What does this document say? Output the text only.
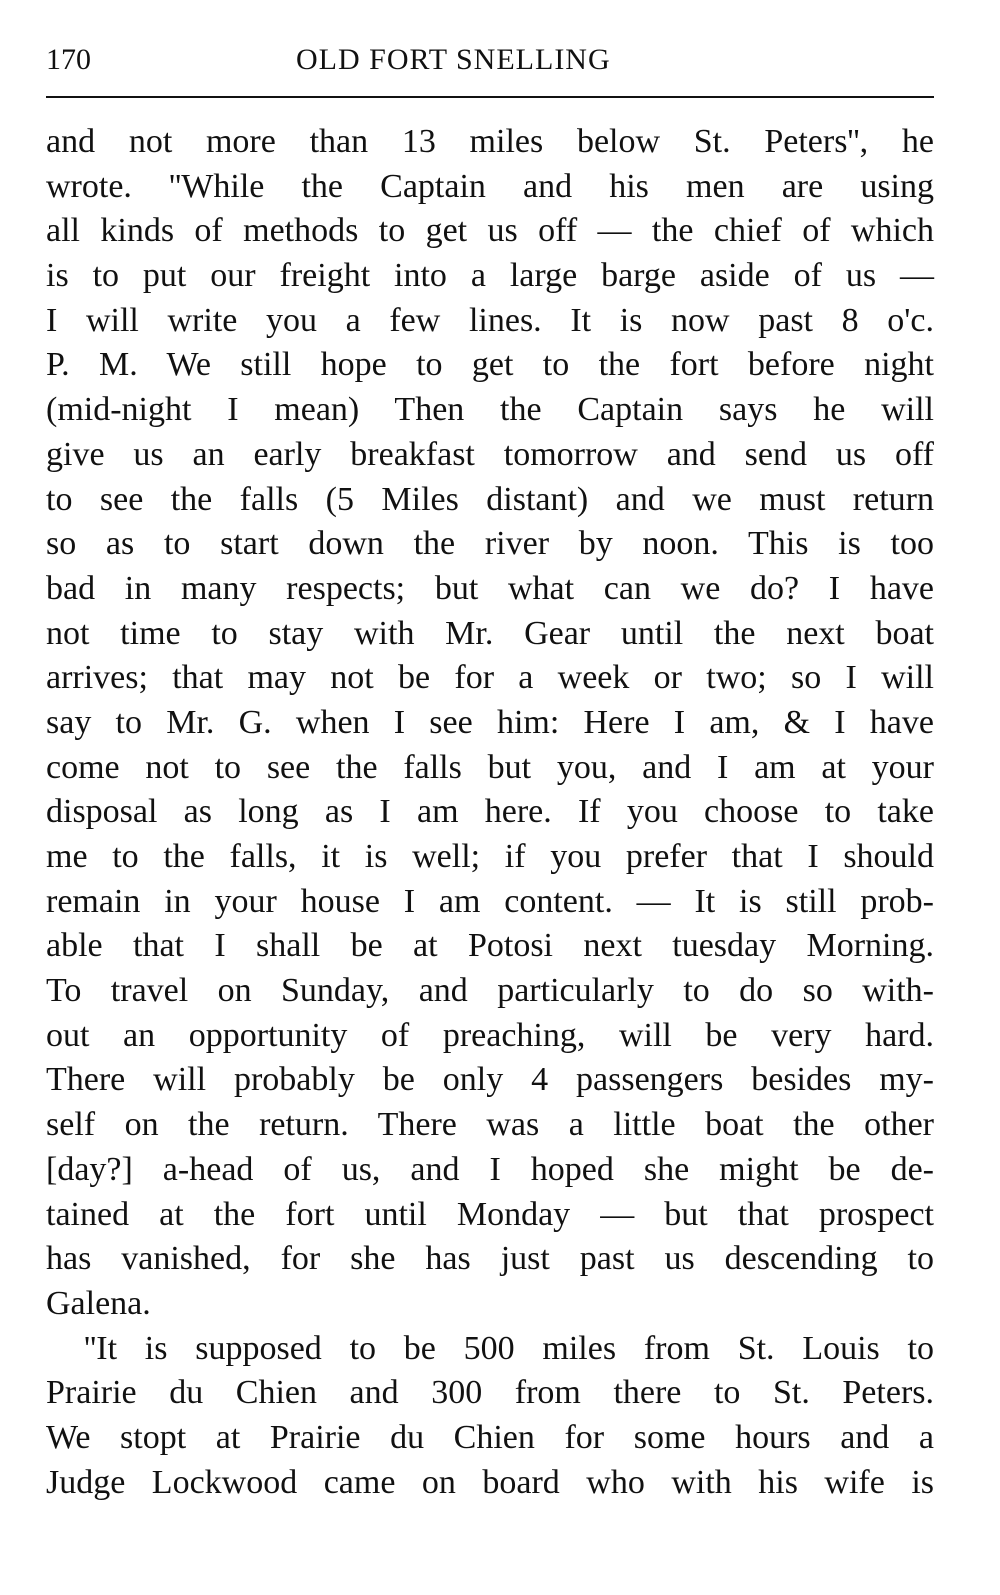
170	OLD FORT SNELLING
and not more than 13 miles below St. Peters'', he
wrote. ''While the Captain and his men are using
all kinds of methods to get us off — the chief of which
is to put our freight into a large barge aside of us —
I will write you a few lines. It is now past 8 o'c.
P. M. We still hope to get to the fort before night
(mid-night I mean) Then the Captain says he will
give us an early breakfast tomorrow and send us off
to see the falls (5 Miles distant) and we must return
so as to start down the river by noon. This is too
bad in many respects; but what can we do? I have
not time to stay with Mr. Gear until the next boat
arrives; that may not be for a week or two; so I will
say to Mr. G. when I see him: Here I am, & I have
come not to see the falls but you, and I am at your
disposal as long as I am here. If you choose to take
me to the falls, it is well; if you prefer that I should
remain in your house I am content. — It is still prob-
able that I shall be at Potosi next tuesday Morning.
To travel on Sunday, and particularly to do so with-
out an opportunity of preaching, will be very hard.
There will probably be only 4 passengers besides my-
self on the return. There was a little boat the other
[day?] a-head of us, and I hoped she might be de-
tained at the fort until Monday — but that prospect
has vanished, for she has just past us descending to
Galena.
''It is supposed to be 500 miles from St. Louis to
Prairie du Chien and 300 from there to St. Peters.
We stopt at Prairie du Chien for some hours and a
Judge Lockwood came on board who with his wife is
